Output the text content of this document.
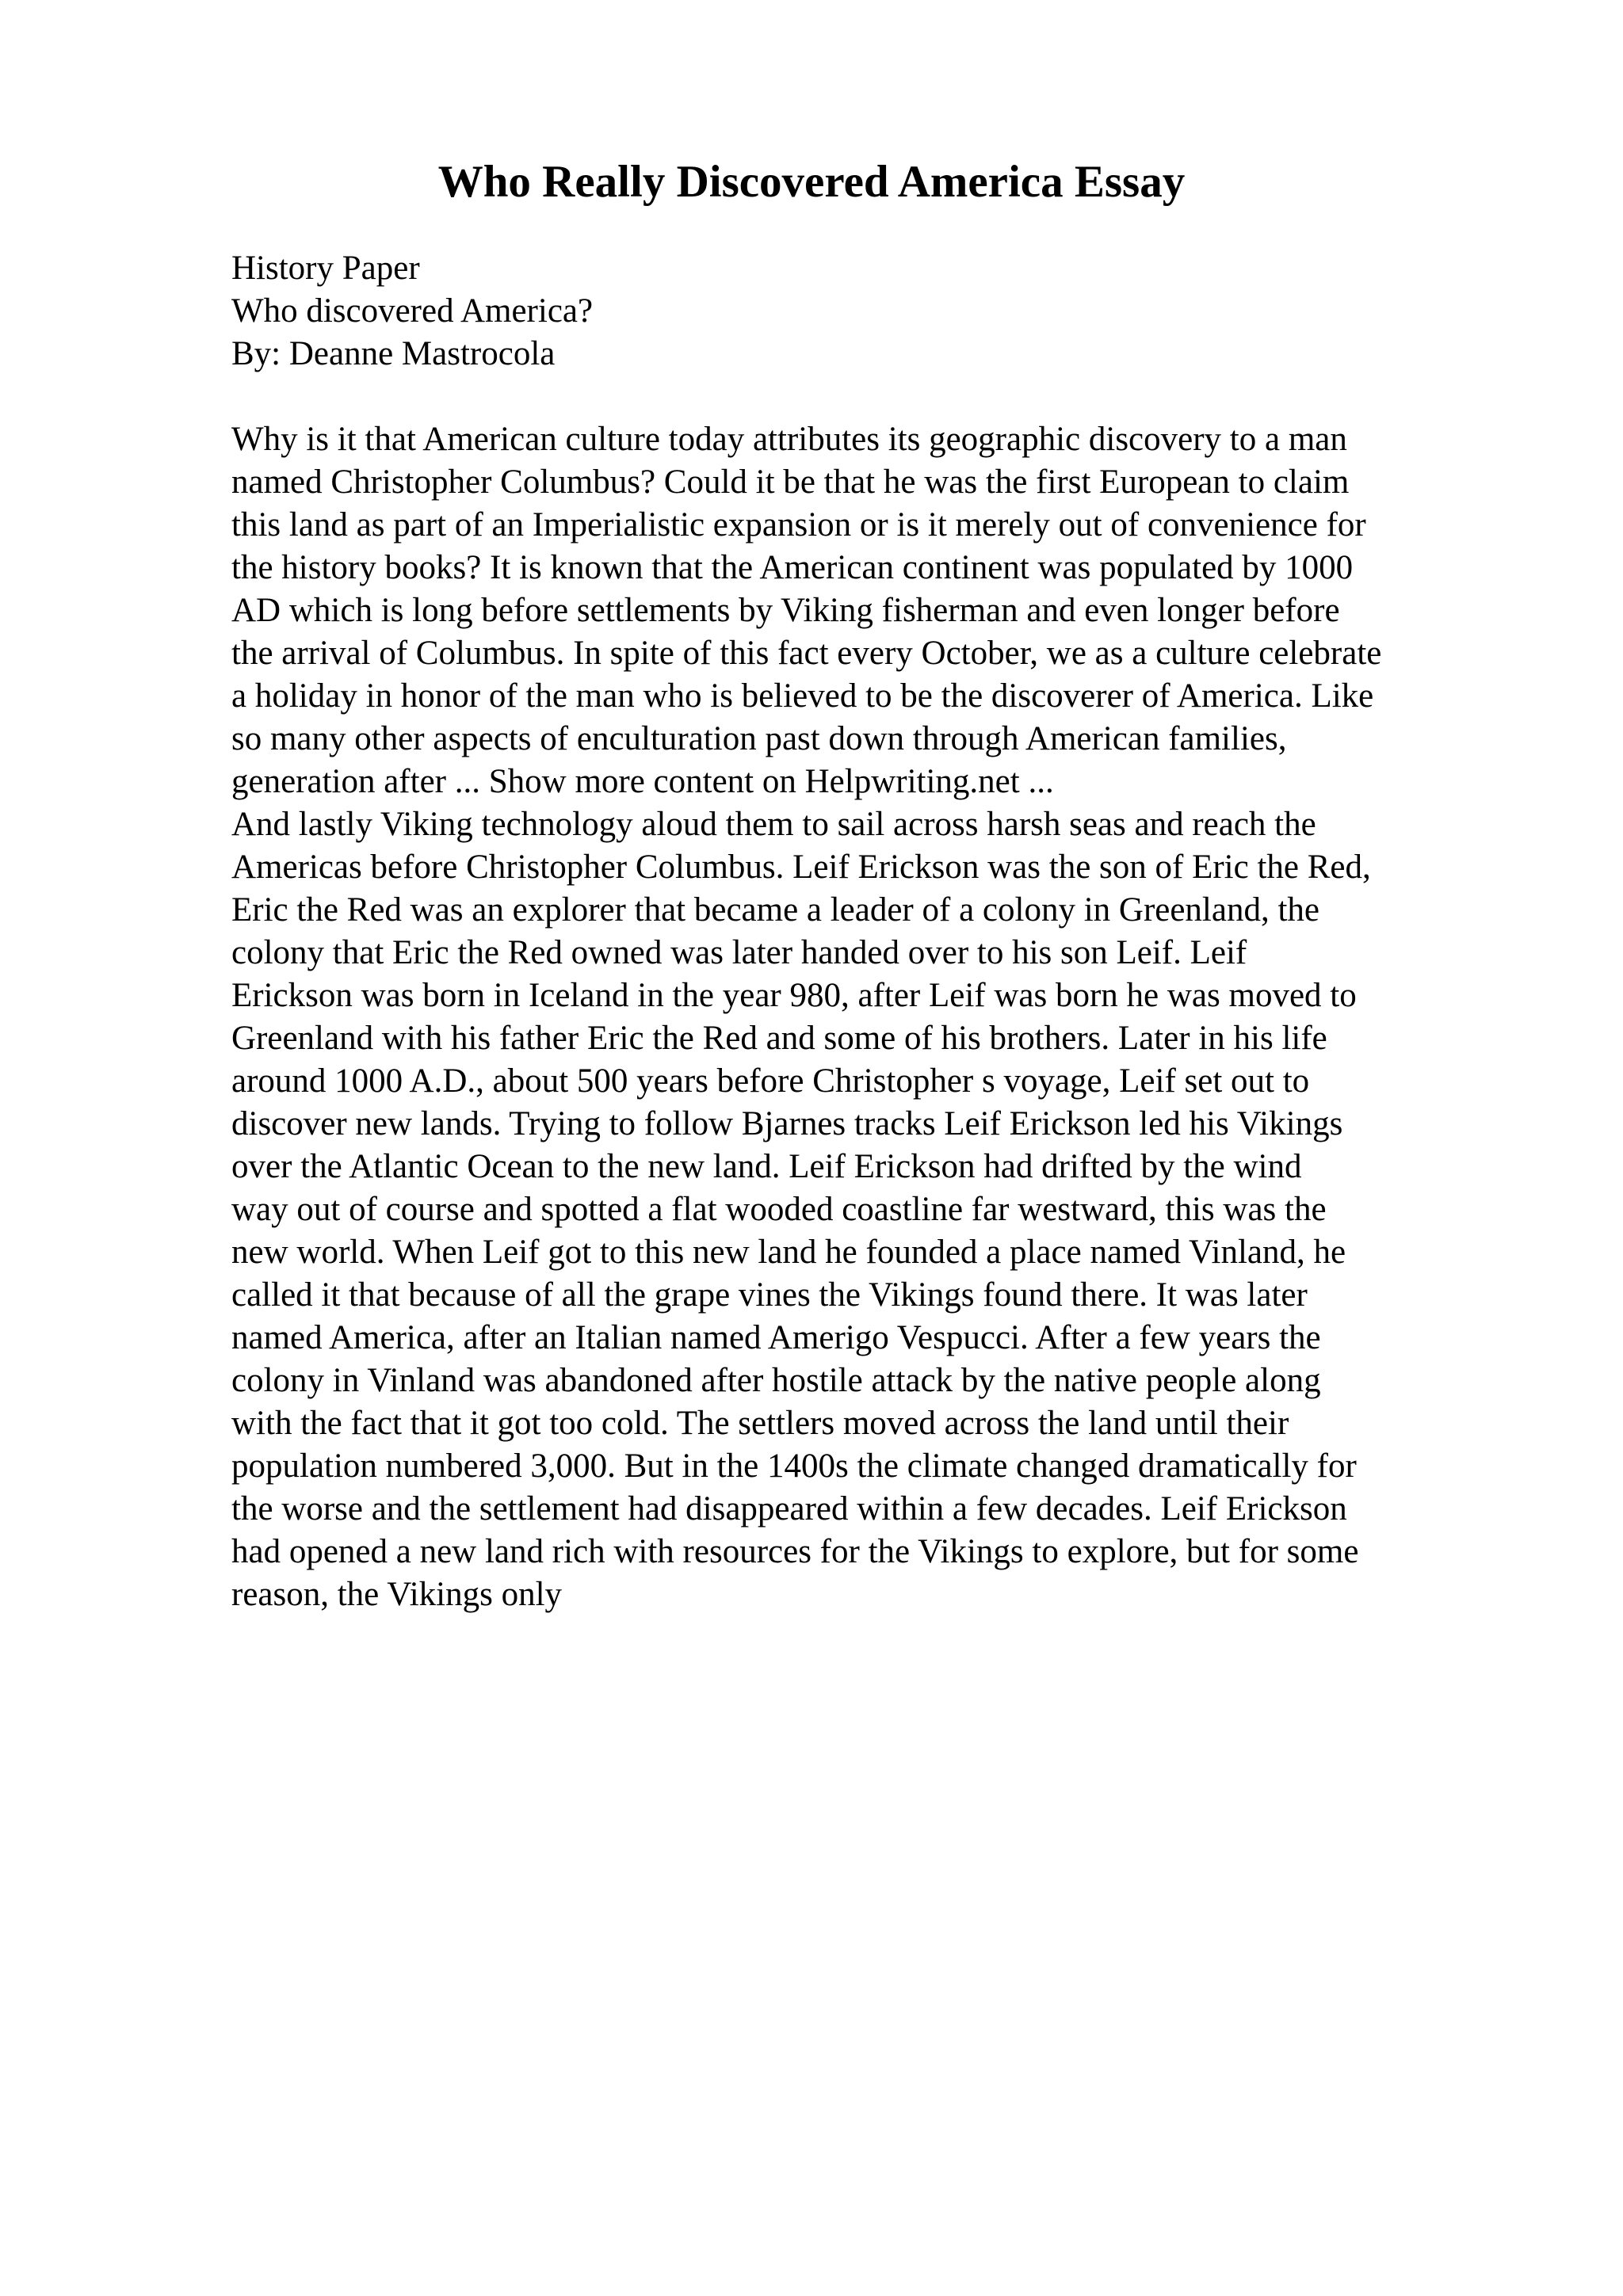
Who Really Discovered America Essay
History Paper
Who discovered America?
By: Deanne Mastrocola
Why is it that American culture today attributes its geographic discovery to a man
named Christopher Columbus? Could it be that he was the first European to claim
this land as part of an Imperialistic expansion or is it merely out of convenience for
the history books? It is known that the American continent was populated by 1000
AD which is long before settlements by Viking fisherman and even longer before
the arrival of Columbus. In spite of this fact every October, we as a culture celebrate
a holiday in honor of the man who is believed to be the discoverer of America. Like
so many other aspects of enculturation past down through American families,
generation after ... Show more content on Helpwriting.net ...
And lastly Viking technology aloud them to sail across harsh seas and reach the
Americas before Christopher Columbus. Leif Erickson was the son of Eric the Red,
Eric the Red was an explorer that became a leader of a colony in Greenland, the
colony that Eric the Red owned was later handed over to his son Leif. Leif
Erickson was born in Iceland in the year 980, after Leif was born he was moved to
Greenland with his father Eric the Red and some of his brothers. Later in his life
around 1000 A.D., about 500 years before Christopher s voyage, Leif set out to
discover new lands. Trying to follow Bjarnes tracks Leif Erickson led his Vikings
over the Atlantic Ocean to the new land. Leif Erickson had drifted by the wind
way out of course and spotted a flat wooded coastline far westward, this was the
new world. When Leif got to this new land he founded a place named Vinland, he
called it that because of all the grape vines the Vikings found there. It was later
named America, after an Italian named Amerigo Vespucci. After a few years the
colony in Vinland was abandoned after hostile attack by the native people along
with the fact that it got too cold. The settlers moved across the land until their
population numbered 3,000. But in the 1400s the climate changed dramatically for
the worse and the settlement had disappeared within a few decades. Leif Erickson
had opened a new land rich with resources for the Vikings to explore, but for some
reason, the Vikings only
